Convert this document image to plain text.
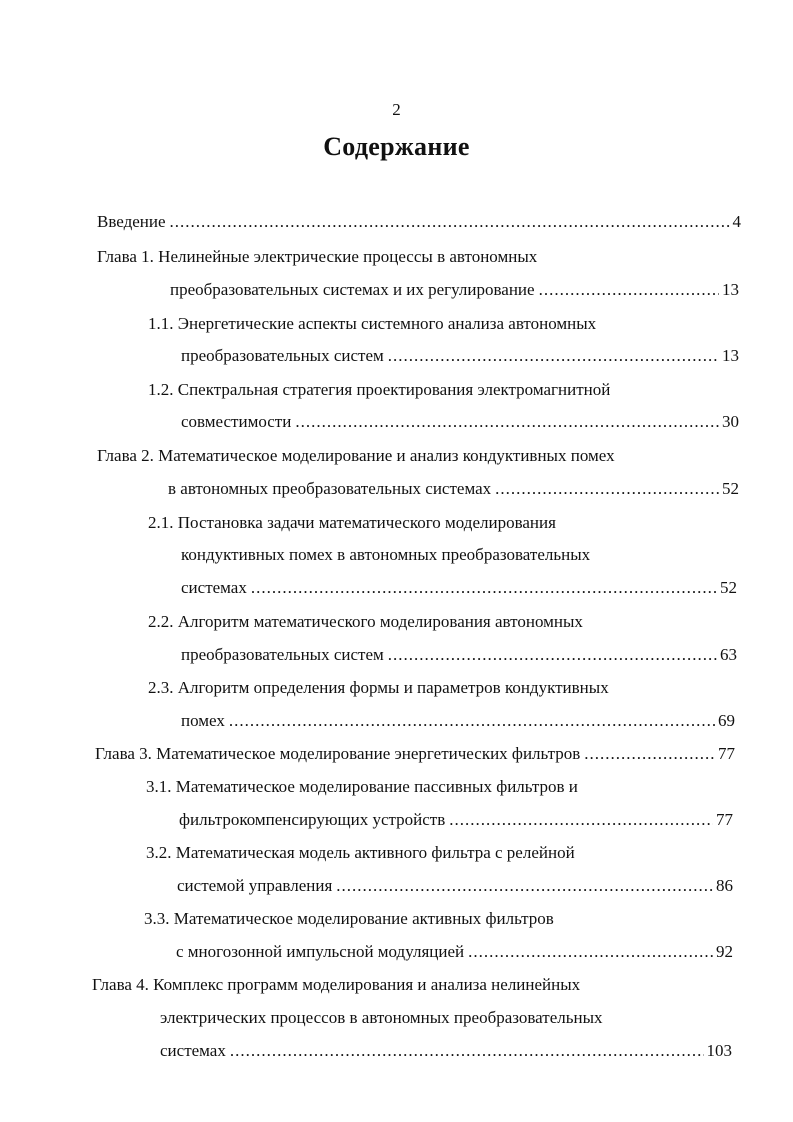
2
Содержание
Введение .....	4
Глава 1. Нелинейные электрические процессы в автономных
преобразовательных системах и их регулирование .....	13
1.1. Энергетические аспекты системного анализа автономных
преобразовательных систем .....	13
1.2. Спектральная стратегия проектирования электромагнитной
совместимости .....	30
Глава 2. Математическое моделирование и анализ кондуктивных помех
в автономных преобразовательных системах .....	52
2.1. Постановка задачи математического моделирования
кондуктивных помех в автономных преобразовательных
системах .....	52
2.2. Алгоритм математического моделирования автономных
преобразовательных систем .....	63
2.3. Алгоритм определения формы и параметров кондуктивных
помех .....	69
Глава 3. Математическое моделирование энергетических фильтров .....	77
3.1. Математическое моделирование пассивных фильтров и
фильтрокомпенсирующих устройств .....	77
3.2. Математическая модель активного фильтра с релейной
системой управления .....	86
3.3. Математическое моделирование активных фильтров
с многозонной импульсной модуляцией .....	92
Глава 4. Комплекс программ моделирования и анализа нелинейных
электрических процессов в автономных преобразовательных
системах .....	103
